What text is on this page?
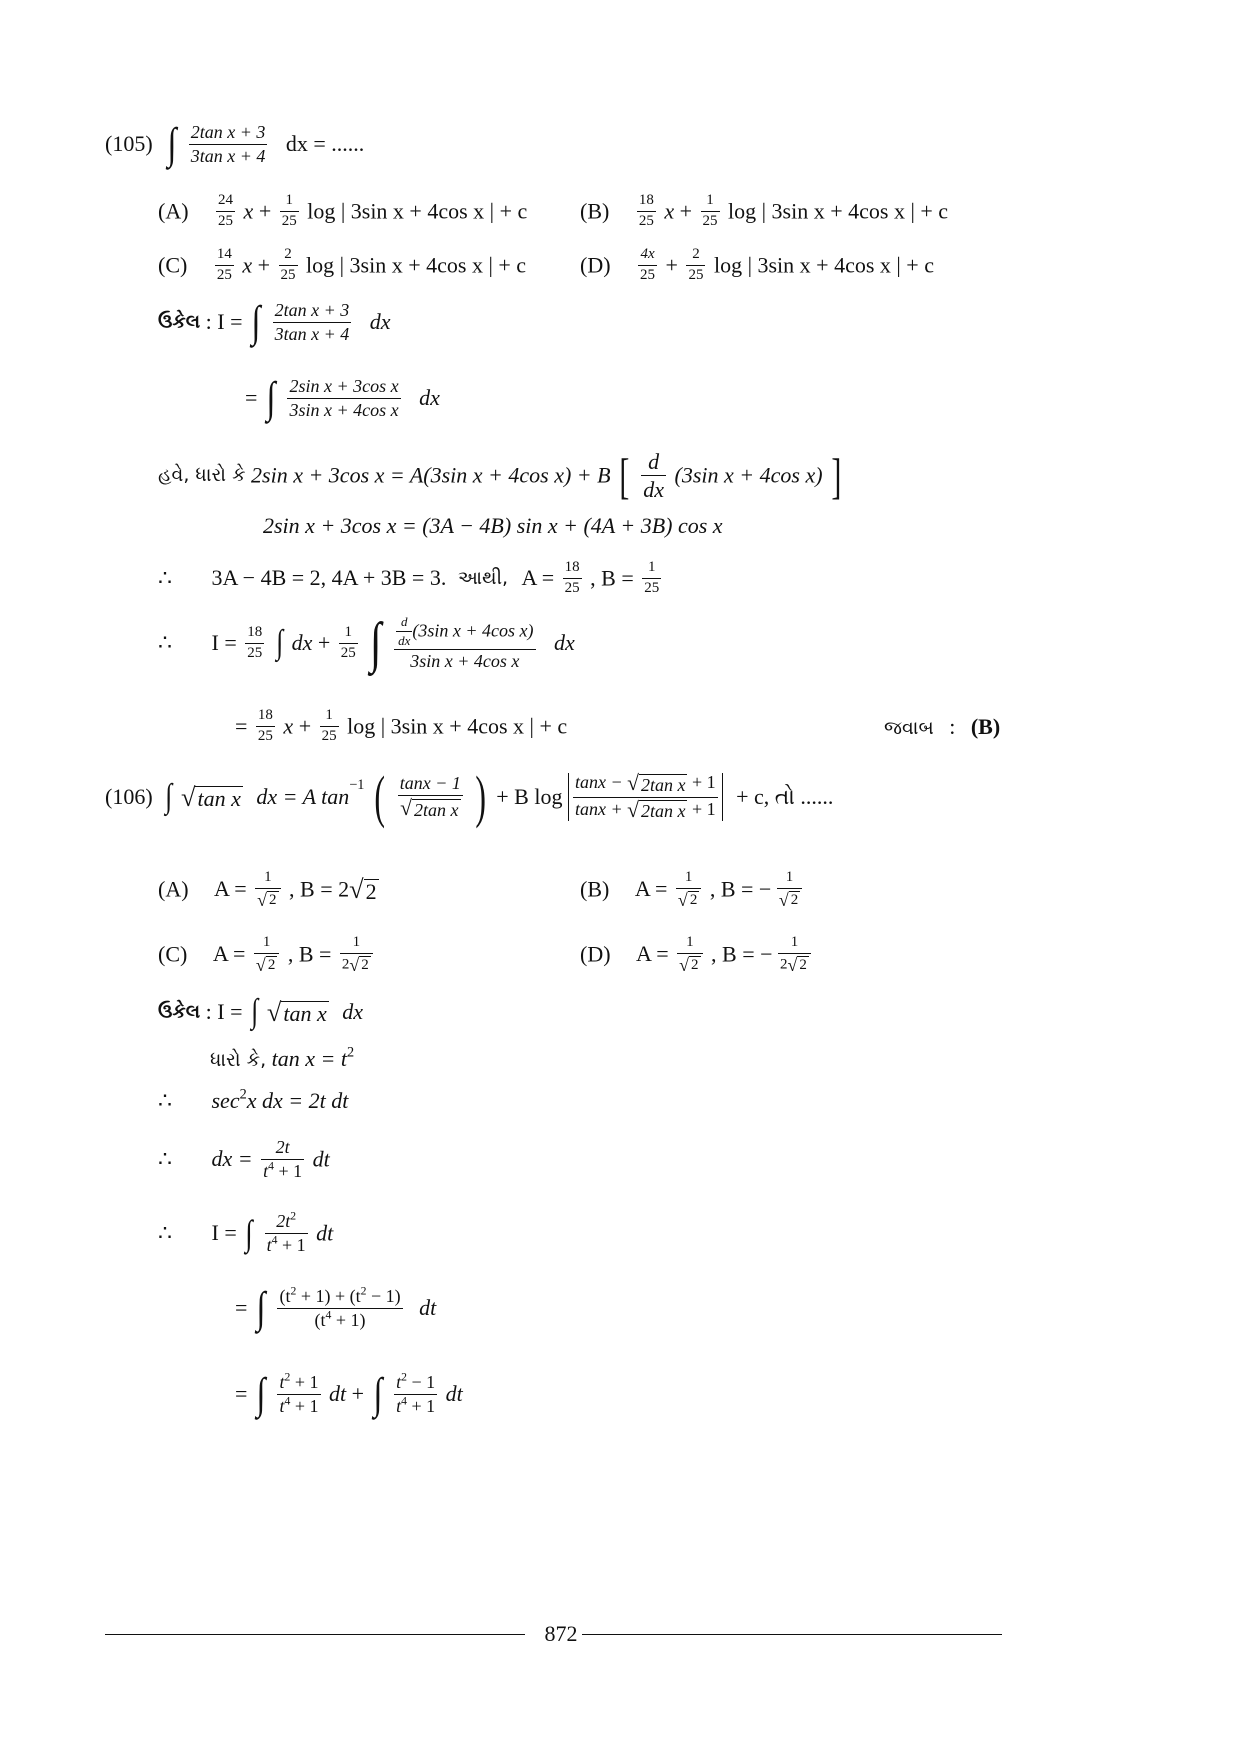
(105) ∫ $\frac{\text{2tan x + 3}}{\text{3tan x + 4}}$ dx = ......
$(A) \frac{24}{25}$ $x + \frac{1}{25}$ log | 3sin x + 4cos x | + c $(B) \frac{18}{25}$ $x + \frac{1}{25}$ log | 3sin x + 4cos x | + c
$(C) \frac{14}{25}$ $x + \frac{2}{25}$ log | 3sin x + 4cos x | + c $(D) \frac{4x}{25} + \frac{2}{25}$ log | 3sin x + 4cos x | + c
ઉકેલ : I = ∫ $\frac{\text{2tan x + 3}}{\text{3tan x + 4}}$ dx
= ∫ $\frac{\text{2sin x + 3cos x}}{\text{3sin x + 4cos x}}$ dx
હવે, ધારો કે 2sin x + 3cos x = A(3sin x + 4cos x) + B [ $\frac{d}{dx} (3\sin$ x + 4cos x) ]
2sin x + 3cos x = (3A − 4B) sin x + (4A + 3B) cos x
∴ 3A − 4B = 2, 4A + 3B = 3. આથી, $A = \frac{18}{25}$ , $B = \frac{1}{25}$
∴ $I = \frac{18}{25}$ ∫ dx + $\frac{1}{25}$ ∫ $\frac{\frac{d}{dx} (3\sin x + 4\cos x)}{\text{3sin x + 4cos x}}$ dx
= $\frac{18}{25}$ $x + \frac{1}{25}$ log | 3sin x + 4cos x | + c	જવાબ : (B)
(106) ∫ √tan x dx = A $\tan^{-1}$ ( $\frac{\tan x - 1}{\text{√ 2tan x}}$ ) + B $\log \frac{\text{tanx − √ 2tan x + 1}}{\text{tanx + √ 2tan x + 1}} + c$, તો ......
(A) $A = \frac{1}{√ 2}$ , B = 2√2	(B) $A = \frac{1}{√ 2}$ , B = − $\frac{1}{√ 2}$
(C) $A = \frac{1}{√ 2}$ , $B = \frac{1}{2√ 2}$	(D) $A = \frac{1}{√ 2}$ , B = − $\frac{1}{2√ 2}$
ઉકેલ : I = ∫ √tan x dx
ધારો કે, $\tan x = t^2$
∴ $\sec^2x$ dx = 2t dt
∴ dx = $\frac{2t}{t^4 + 1}$ dt
∴ I = ∫ $\frac{2t^2}{t^4 + 1}$ dt
= ∫ $\frac{(t^2 + 1) + (t^2 - 1)}{(t^4 + 1)}$ dt
= ∫ $\frac{t^2 + 1}{t^4 + 1}$ dt + ∫ $\frac{t^2 - 1}{t^4 + 1}$ dt
872
